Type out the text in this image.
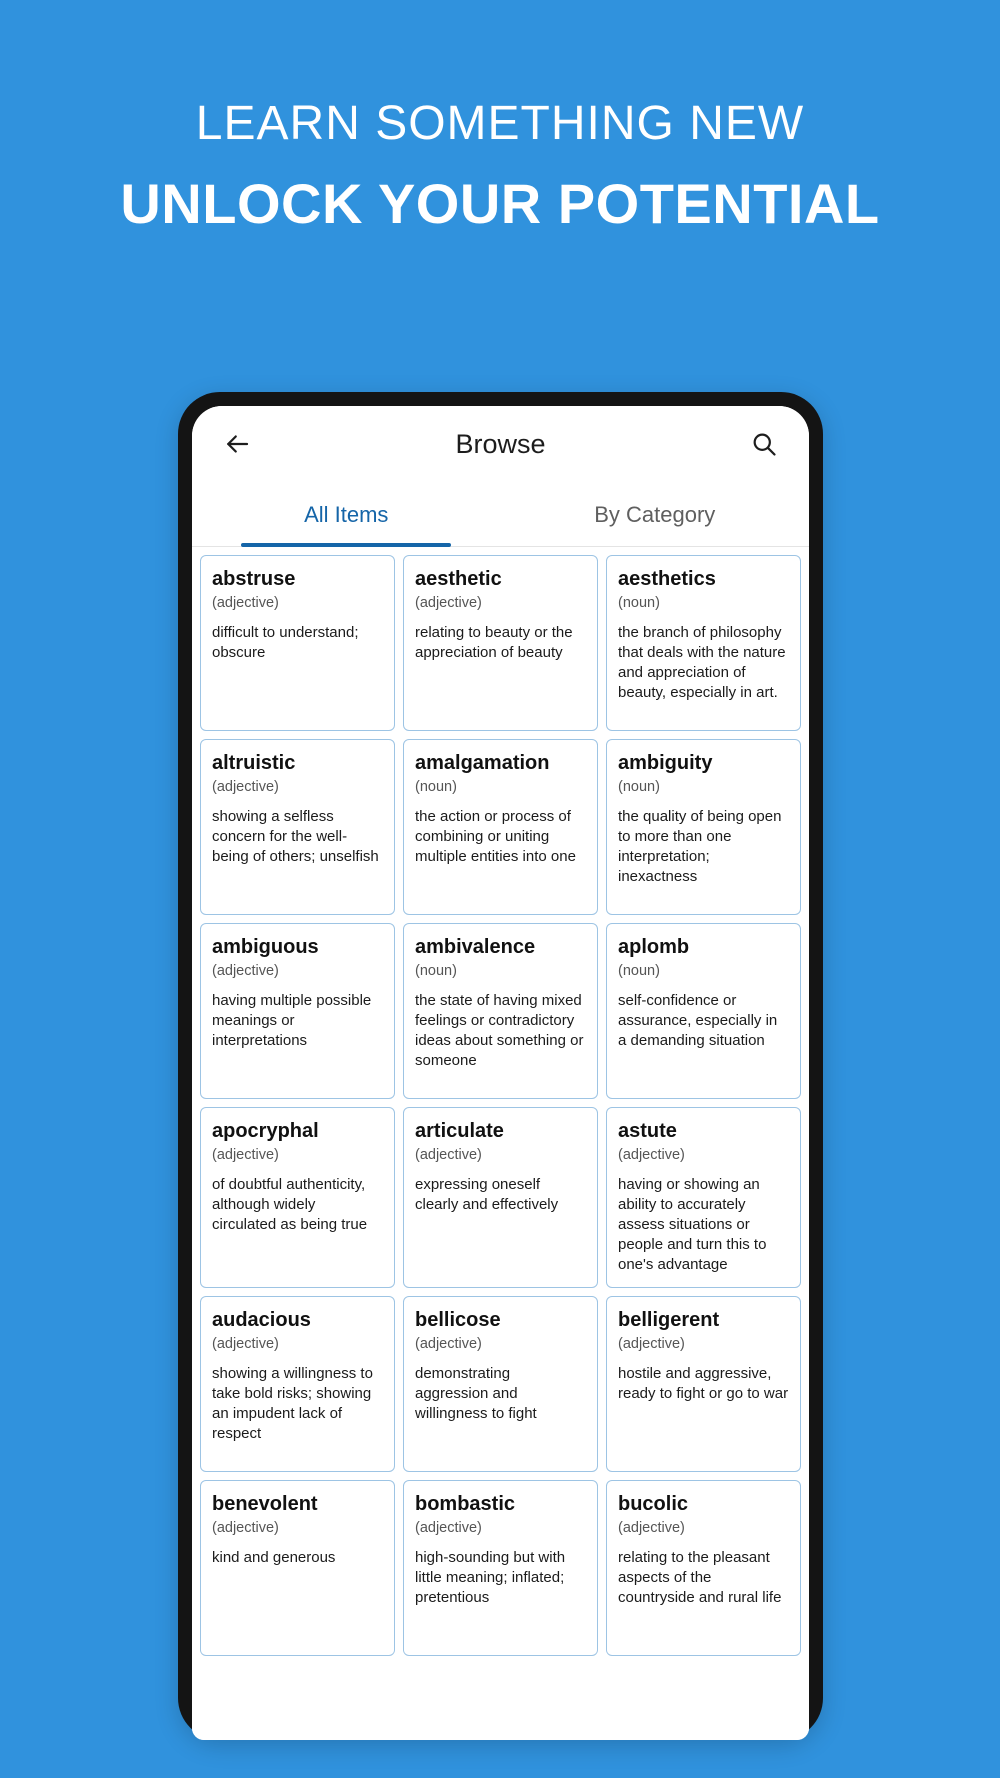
LEARN SOMETHING NEW
UNLOCK YOUR POTENTIAL
Browse
All Items	By Category
abstruse
(adjective)
difficult to understand; obscure
aesthetic
(adjective)
relating to beauty or the appreciation of beauty
aesthetics
(noun)
the branch of philosophy that deals with the nature and appreciation of beauty, especially in art.
altruistic
(adjective)
showing a selfless concern for the well-being of others; unselfish
amalgamation
(noun)
the action or process of combining or uniting multiple entities into one
ambiguity
(noun)
the quality of being open to more than one interpretation; inexactness
ambiguous
(adjective)
having multiple possible meanings or interpretations
ambivalence
(noun)
the state of having mixed feelings or contradictory ideas about something or someone
aplomb
(noun)
self-confidence or assurance, especially in a demanding situation
apocryphal
(adjective)
of doubtful authenticity, although widely circulated as being true
articulate
(adjective)
expressing oneself clearly and effectively
astute
(adjective)
having or showing an ability to accurately assess situations or people and turn this to one's advantage
audacious
(adjective)
showing a willingness to take bold risks; showing an impudent lack of respect
bellicose
(adjective)
demonstrating aggression and willingness to fight
belligerent
(adjective)
hostile and aggressive, ready to fight or go to war
benevolent
(adjective)
kind and generous
bombastic
(adjective)
high-sounding but with little meaning; inflated; pretentious
bucolic
(adjective)
relating to the pleasant aspects of the countryside and rural life
